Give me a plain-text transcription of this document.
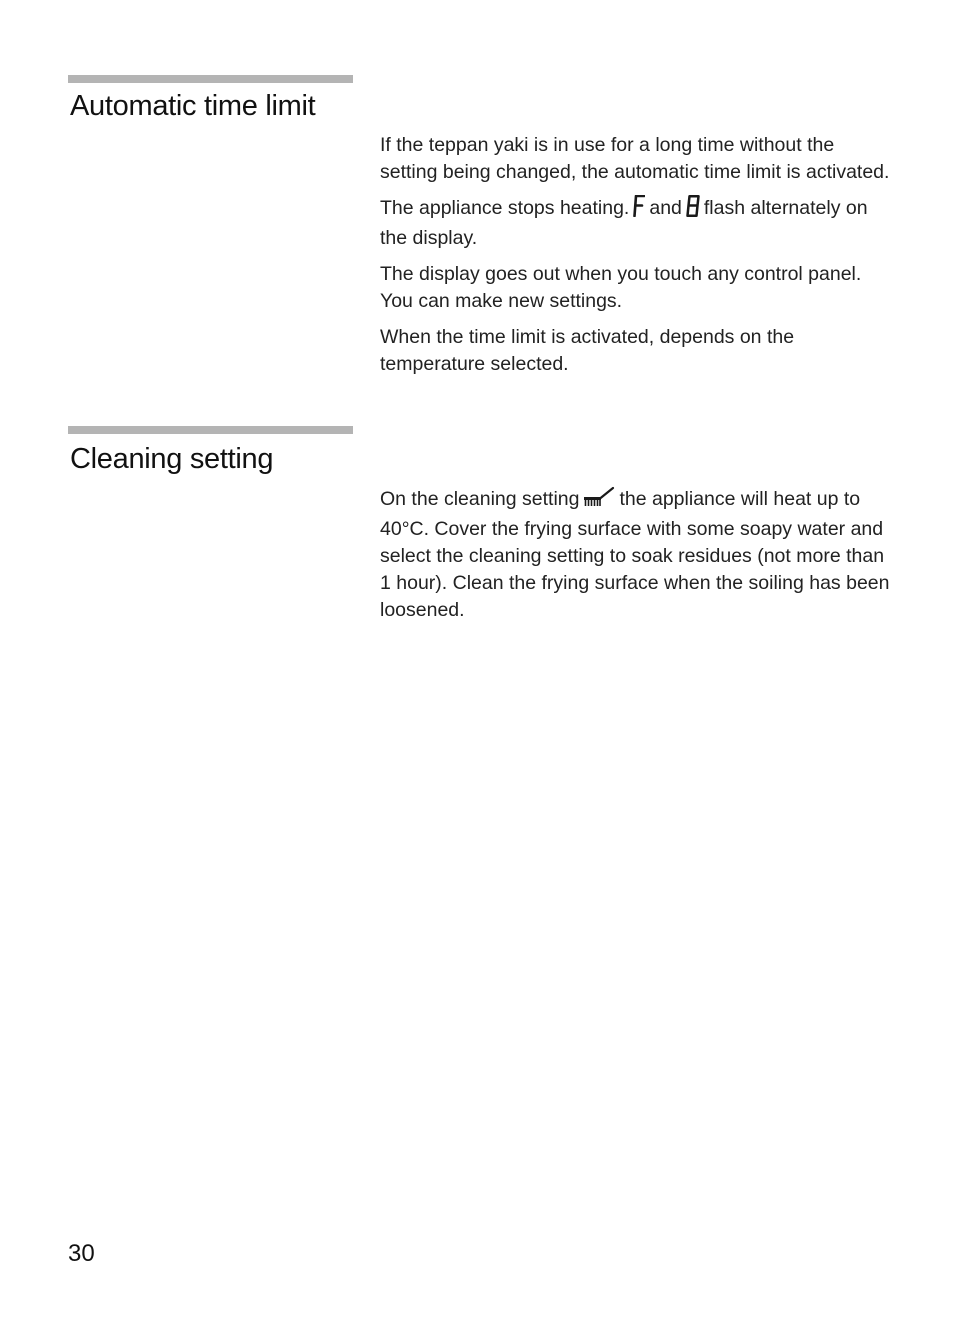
Automatic time limit

If the teppan yaki is in use for a long time without the setting being changed, the automatic time limit is activated.

The appliance stops heating. and flash alternately on the display.

The display goes out when you touch any control panel. You can make new settings.

When the time limit is activated, depends on the temperature selected.

Cleaning setting

On the cleaning setting the appliance will heat up to 40°C. Cover the frying surface with some soapy water and select the cleaning setting to soak residues (not more than 1 hour). Clean the frying surface when the soiling has been loosened.

30
